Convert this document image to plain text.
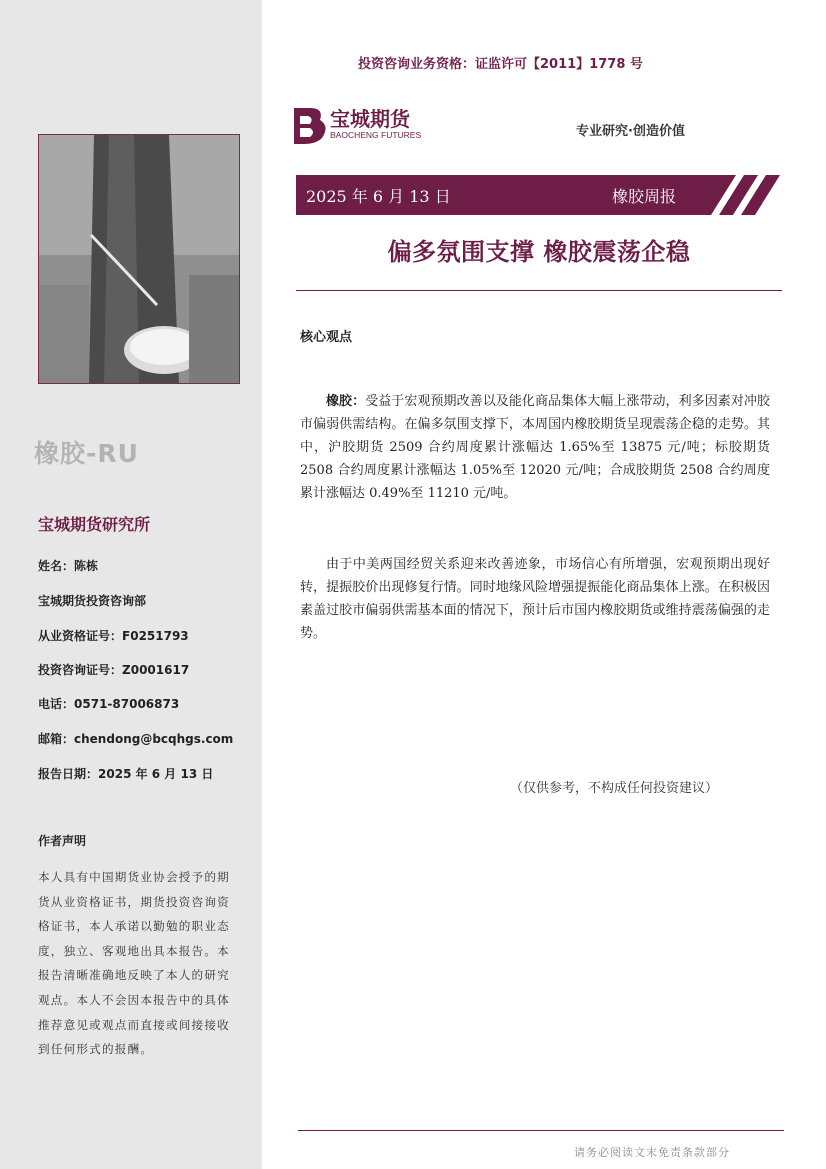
橡胶-RU
宝城期货研究所
姓名：陈栋
宝城期货投资咨询部
从业资格证号：F0251793
投资咨询证号：Z0001617
电话：0571-87006873
邮箱：chendong@bcqhgs.com
报告日期：2025 年 6 月 13 日
作者声明
本人具有中国期货业协会授予的期货从业资格证书，期货投资咨询资格证书，本人承诺以勤勉的职业态度，独立、客观地出具本报告。本报告清晰准确地反映了本人的研究观点。本人不会因本报告中的具体推荐意见或观点而直接或间接接收到任何形式的报酬。
投资咨询业务资格：证监许可【2011】1778 号
宝城期货
BAOCHENG FUTURES	专业研究·创造价值
2025 年 6 月 13 日	橡胶周报
偏多氛围支撑 橡胶震荡企稳
核心观点
橡胶：受益于宏观预期改善以及能化商品集体大幅上涨带动，利多因素对冲胶市偏弱供需结构。在偏多氛围支撑下，本周国内橡胶期货呈现震荡企稳的走势。其中，沪胶期货 2509 合约周度累计涨幅达 1.65%至 13875 元/吨；标胶期货 2508 合约周度累计涨幅达 1.05%至 12020 元/吨；合成胶期货 2508 合约周度累计涨幅达 0.49%至 11210 元/吨。
由于中美两国经贸关系迎来改善迹象，市场信心有所增强，宏观预期出现好转，提振胶价出现修复行情。同时地缘风险增强提振能化商品集体上涨。在积极因素盖过胶市偏弱供需基本面的情况下，预计后市国内橡胶期货或维持震荡偏强的走势。
（仅供参考，不构成任何投资建议）
请务必阅读文末免责条款部分
